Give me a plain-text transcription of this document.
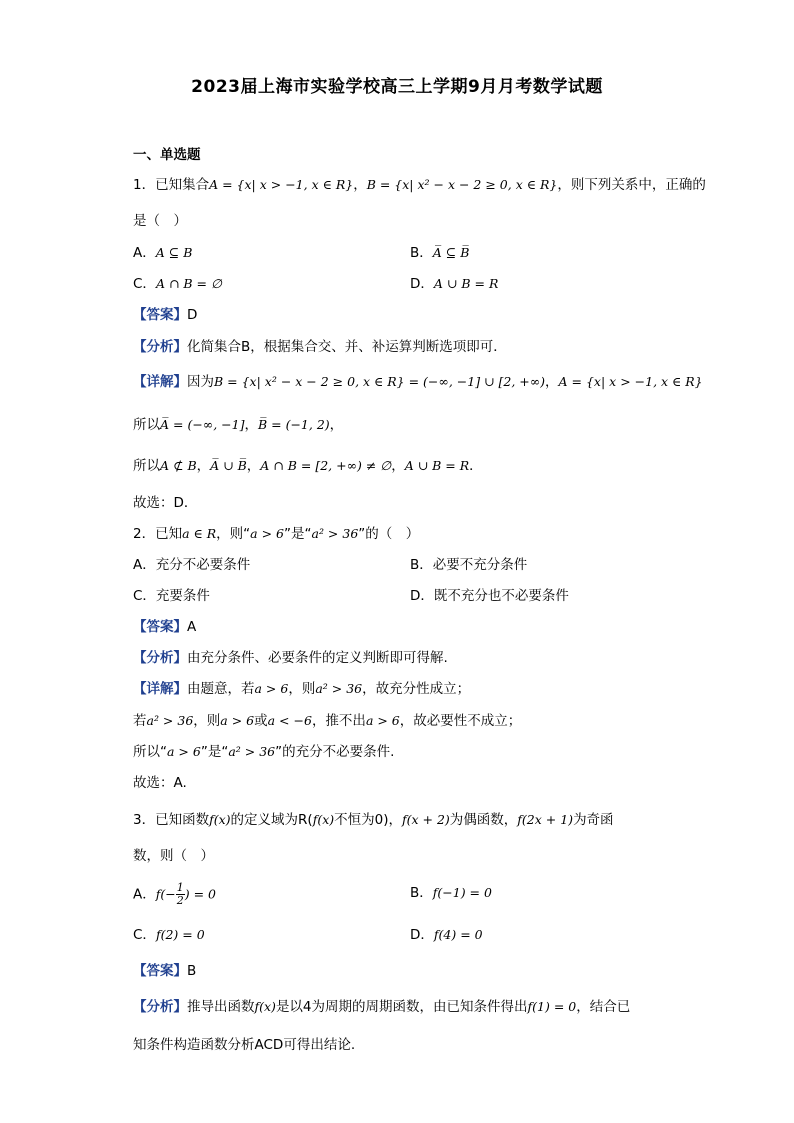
2023届上海市实验学校高三上学期9月月考数学试题
一、单选题
1．已知集合A = {x| x > −1, x ∈ R}，B = {x| x² − x − 2 ≥ 0, x ∈ R}，则下列关系中，正确的
是（　）
A．A ⊆ B	B．A̅ ⊆ B̅
C．A ∩ B = ∅	D．A ∪ B = R
【答案】D
【分析】化简集合B，根据集合交、并、补运算判断选项即可．
【详解】因为B = {x| x² − x − 2 ≥ 0, x ∈ R} = (−∞, −1] ∪ [2, +∞)，A = {x| x > −1, x ∈ R}
所以A̅ = (−∞, −1]，B̅ = (−1, 2)，
所以A ⊄ B，A̅ ∪ B̅，A ∩ B = [2, +∞) ≠ ∅，A ∪ B = R．
故选：D．
2．已知a ∈ R，则“a > 6”是“a² > 36”的（　）
A．充分不必要条件	B．必要不充分条件
C．充要条件	D．既不充分也不必要条件
【答案】A
【分析】由充分条件、必要条件的定义判断即可得解.
【详解】由题意，若a > 6，则a² > 36，故充分性成立；
若a² > 36，则a > 6或a < −6，推不出a > 6，故必要性不成立；
所以“a > 6”是“a² > 36”的充分不必要条件.
故选：A.
3．已知函数f(x)的定义域为R(f(x)不恒为0)，f(x + 2)为偶函数，f(2x + 1)为奇函
数，则（　）
A．$f(- \frac{1}{2}$ ) = 0	B．f(−1) = 0
C．f(2) = 0	D．f(4) = 0
【答案】B
【分析】推导出函数f(x)是以4为周期的周期函数，由已知条件得出f(1) = 0，结合已
知条件构造函数分析ACD可得出结论.
